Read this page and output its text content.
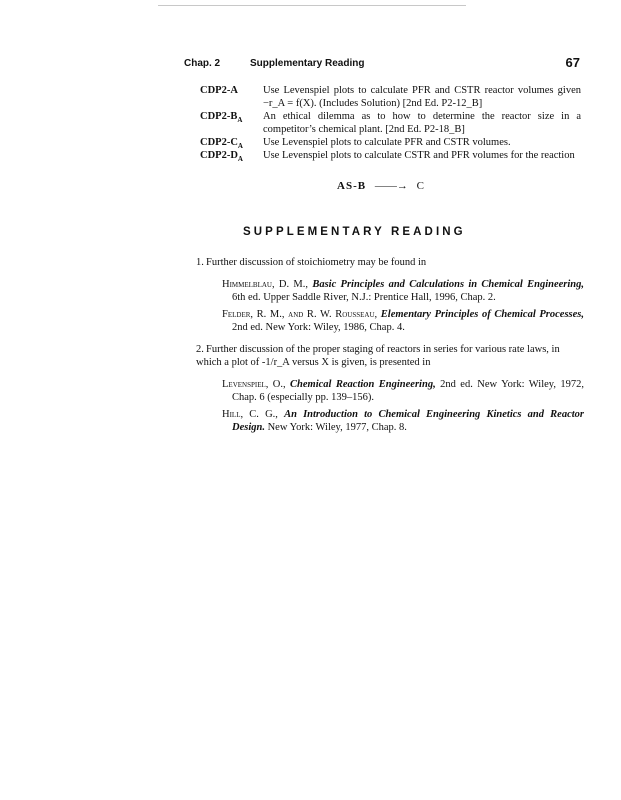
Chap. 2	Supplementary Reading	67
CDP2-A	Use Levenspiel plots to calculate PFR and CSTR reactor volumes given −r_A = f(X). (Includes Solution) [2nd Ed. P2-12_B]
$CDP2-B_A$	An ethical dilemma as to how to determine the reactor size in a competitor’s chemical plant. [2nd Ed. P2-18_B]
$CDP2-C_A$	Use Levenspiel plots to calculate PFR and CSTR volumes.
$CDP2-D_A$	Use Levenspiel plots to calculate CSTR and PFR volumes for the reaction
AS-B ——→ C
SUPPLEMENTARY READING
1. Further discussion of stoichiometry may be found in
Himmelblau, D. M., Basic Principles and Calculations in Chemical Engineering, 6th ed. Upper Saddle River, N.J.: Prentice Hall, 1996, Chap. 2.
Felder, R. M., and R. W. Rousseau, Elementary Principles of Chemical Processes, 2nd ed. New York: Wiley, 1986, Chap. 4.
2. Further discussion of the proper staging of reactors in series for various rate laws, in which a plot of -1/r_A versus X is given, is presented in
Levenspiel, O., Chemical Reaction Engineering, 2nd ed. New York: Wiley, 1972, Chap. 6 (especially pp. 139–156).
Hill, C. G., An Introduction to Chemical Engineering Kinetics and Reactor Design. New York: Wiley, 1977, Chap. 8.
